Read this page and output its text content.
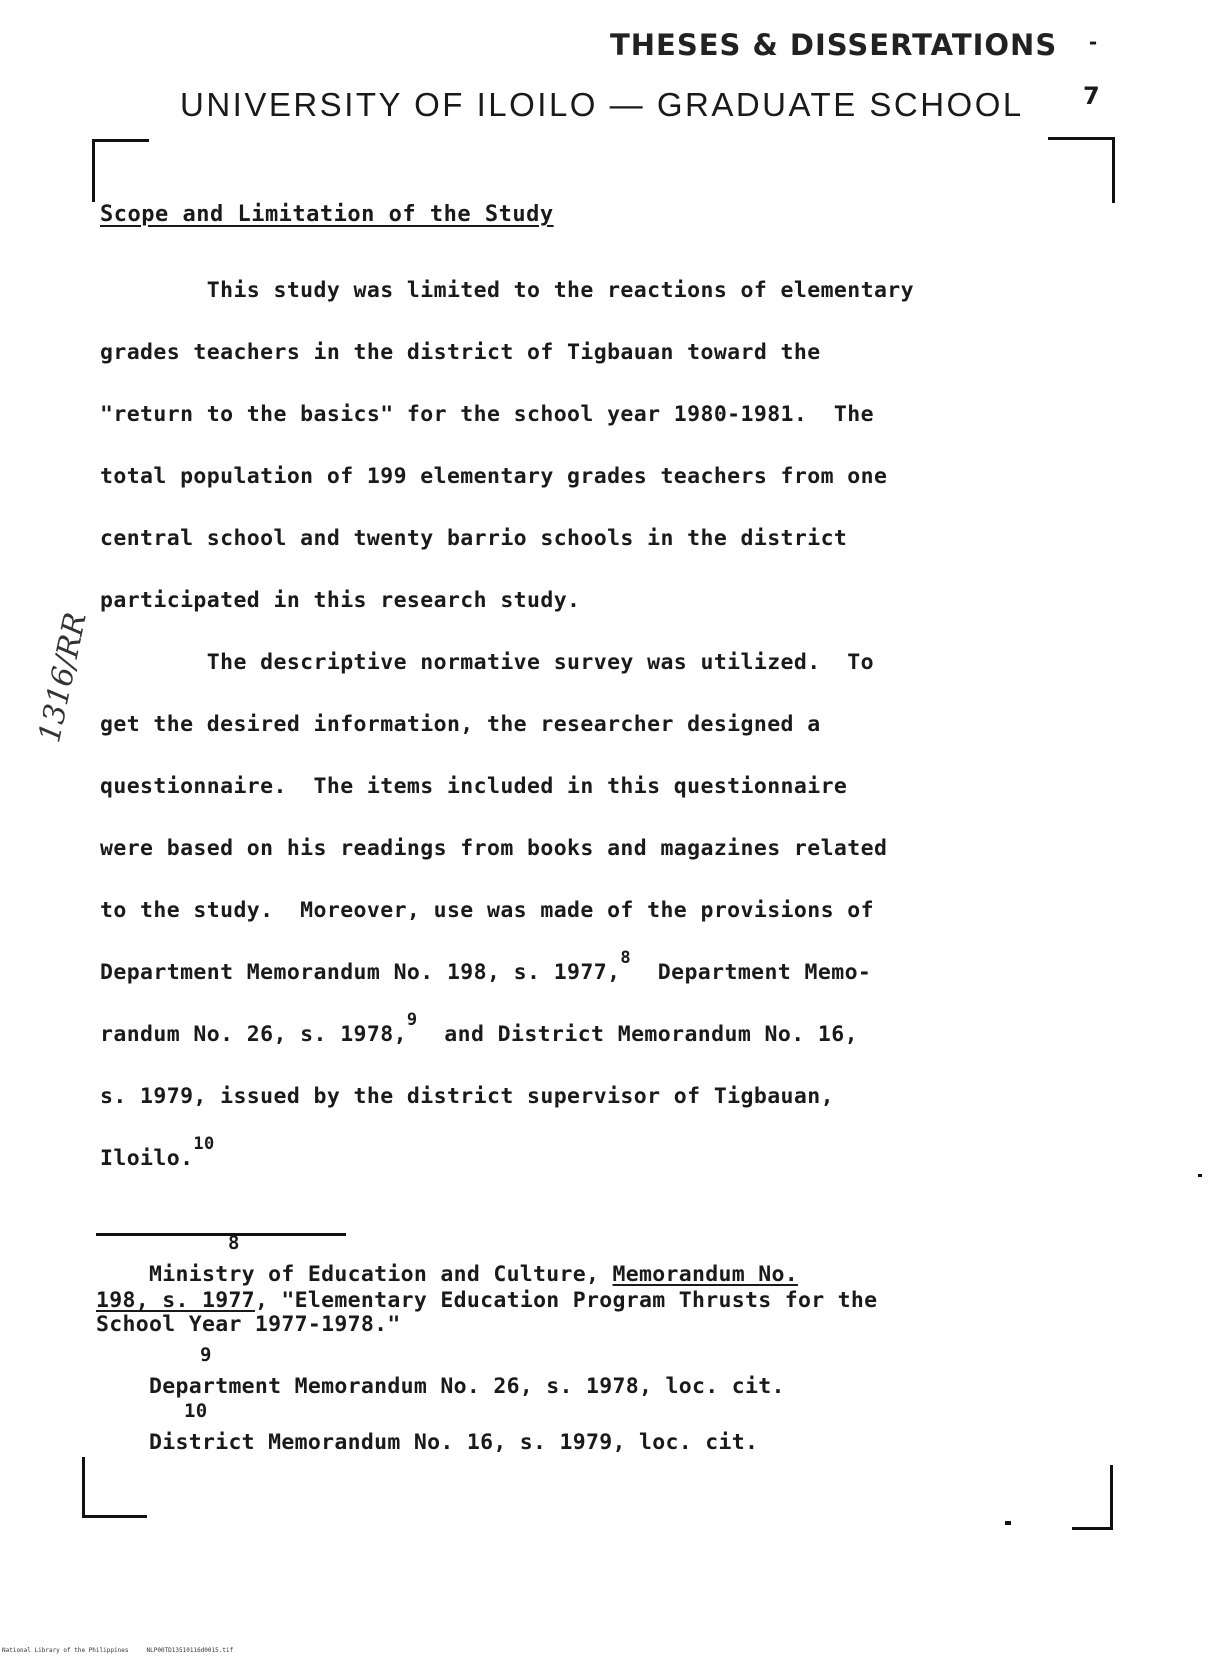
THESES & DISSERTATIONS -
UNIVERSITY OF ILOILO — GRADUATE SCHOOL 7
1316/RR
Scope and Limitation of the Study

This study was limited to the reactions of elementary

grades teachers in the district of Tigbauan toward the

"return to the basics" for the school year 1980-1981.  The

total population of 199 elementary grades teachers from one

central school and twenty barrio schools in the district

participated in this research study.

The descriptive normative survey was utilized.  To

get the desired information, the researcher designed a

questionnaire.  The items included in this questionnaire

were based on his readings from books and magazines related

to the study.  Moreover, use was made of the provisions of

Department Memorandum No. 198, s. 1977,$^8$  Department Memo-

randum No. 26, s. 1978,$^9$  and District Memorandum No. 16,

s. 1979, issued by the district supervisor of Tigbauan,

Iloilo.$^{10}$

8
Ministry of Education and Culture, Memorandum No.
198, s. 1977, "Elementary Education Program Thrusts for the
School Year 1977-1978."
9
Department Memorandum No. 26, s. 1978, loc. cit.
10
District Memorandum No. 16, s. 1979, loc. cit.
National Library of the Philippines     NLP00TD13510116d0015.tif
